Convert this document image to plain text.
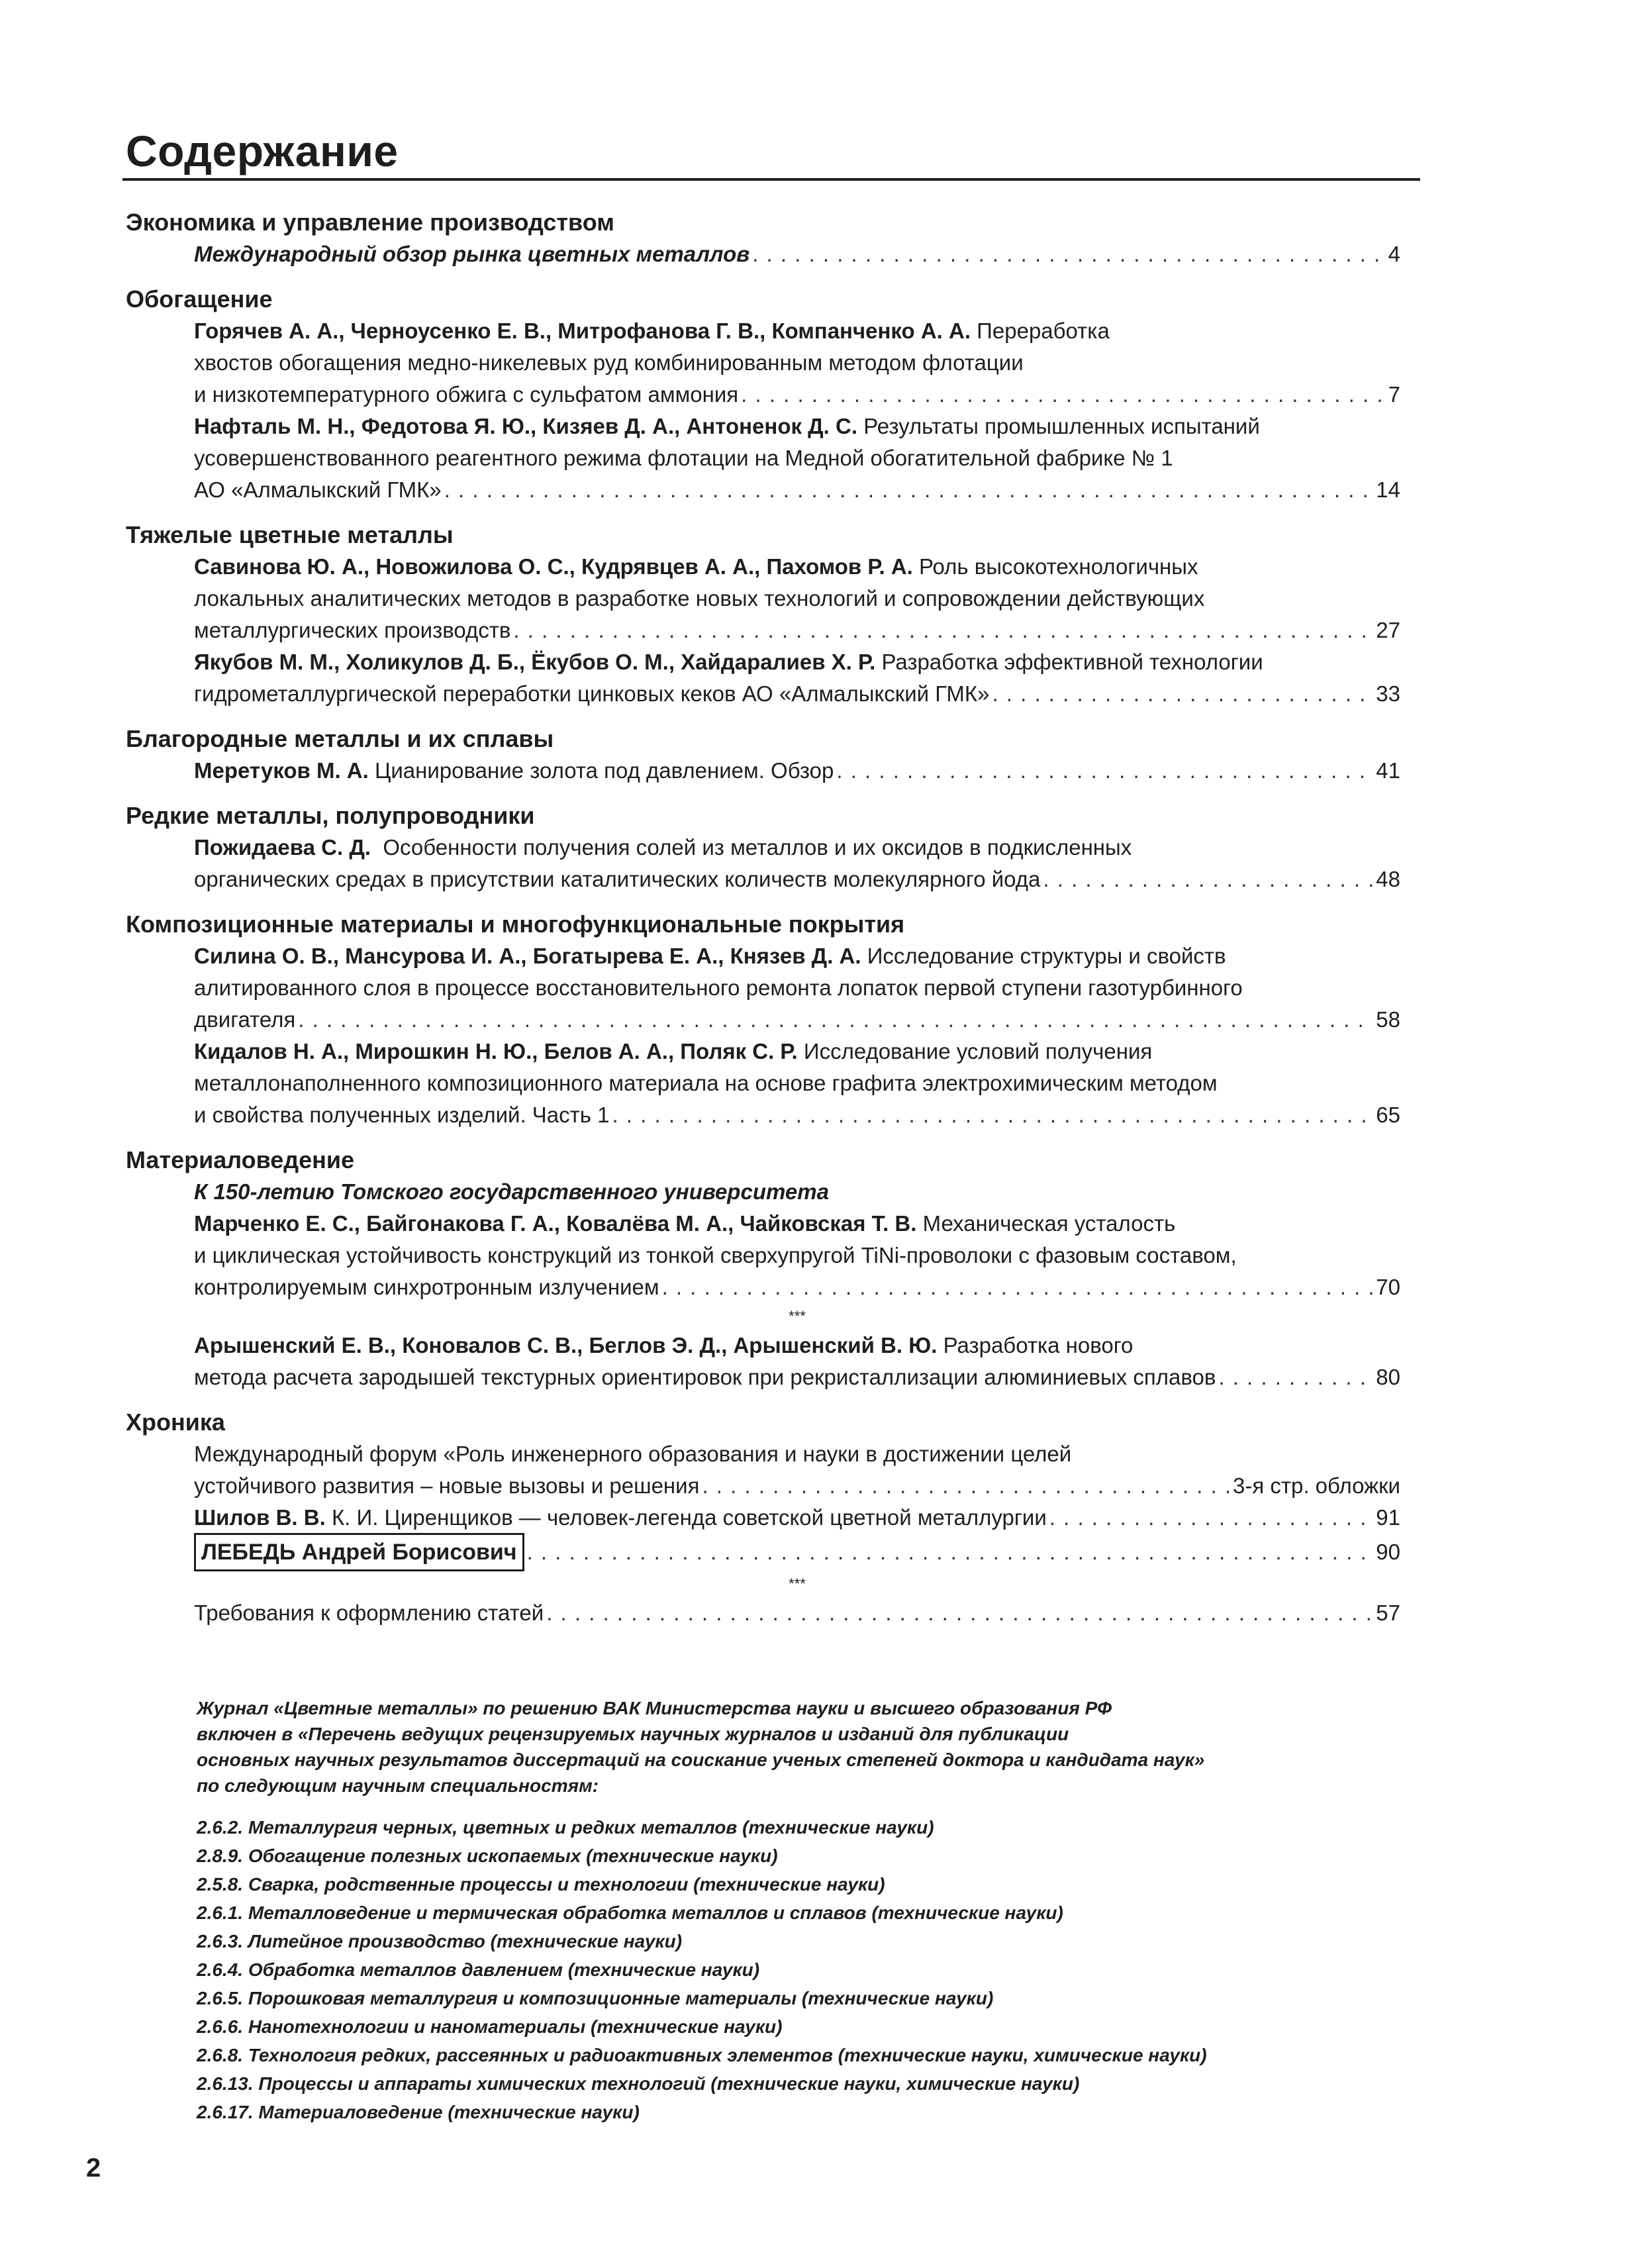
Содержание
Экономика и управление производством
Международный обзор рынка цветных металлов . . .	4
Обогащение
Горячев А. А., Черноусенко Е. В., Митрофанова Г. В., Компанченко А. А. Переработка
хвостов обогащения медно-никелевых руд комбинированным методом флотации
и низкотемпературного обжига с сульфатом аммония . . .	7
Нафталь М. Н., Федотова Я. Ю., Кизяев Д. А., Антоненок Д. С. Результаты промышленных испытаний
усовершенствованного реагентного режима флотации на Медной обогатительной фабрике № 1
АО «Алмалыкский ГМК» . . .	14
Тяжелые цветные металлы
Савинова Ю. А., Новожилова О. С., Кудрявцев А. А., Пахомов Р. А. Роль высокотехнологичных
локальных аналитических методов в разработке новых технологий и сопровождении действующих
металлургических производств . . .	27
Якубов М. М., Холикулов Д. Б., Ёкубов О. М., Хайдаралиев Х. Р. Разработка эффективной технологии
гидрометаллургической переработки цинковых кеков АО «Алмалыкский ГМК» . . .	33
Благородные металлы и их сплавы
Меретуков М. А. Цианирование золота под давлением. Обзор . . .	41
Редкие металлы, полупроводники
Пожидаева С. Д. Особенности получения солей из металлов и их оксидов в подкисленных
органических средах в присутствии каталитических количеств молекулярного йода . . .	48
Композиционные материалы и многофункциональные покрытия
Силина О. В., Мансурова И. А., Богатырева Е. А., Князев Д. А. Исследование структуры и свойств
алитированного слоя в процессе восстановительного ремонта лопаток первой ступени газотурбинного
двигателя . . .	58
Кидалов Н. А., Мирошкин Н. Ю., Белов А. А., Поляк С. Р. Исследование условий получения
металлонаполненного композиционного материала на основе графита электрохимическим методом
и свойства полученных изделий. Часть 1 . . .	65
Материаловедение
К 150-летию Томского государственного университета
Марченко Е. С., Байгонакова Г. А., Ковалёва М. А., Чайковская Т. В. Механическая усталость
и циклическая устойчивость конструкций из тонкой сверхупругой TiNi-проволоки с фазовым составом,
контролируемым синхротронным излучением . . .	70
***
Арышенский Е. В., Коновалов С. В., Беглов Э. Д., Арышенский В. Ю. Разработка нового
метода расчета зародышей текстурных ориентировок при рекристаллизации алюминиевых сплавов . . .	80
Хроника
Международный форум «Роль инженерного образования и науки в достижении целей
устойчивого развития – новые вызовы и решения . . .	3-я стр. обложки
Шилов В. В. К. И. Циренщиков — человек-легенда советской цветной металлургии . . .	91
ЛЕБЕДЬ Андрей Борисович . . .	90
***
Требования к оформлению статей . . .	57

Журнал «Цветные металлы» по решению ВАК Министерства науки и высшего образования РФ

включен в «Перечень ведущих рецензируемых научных журналов и изданий для публикации

основных научных результатов диссертаций на соискание ученых степеней доктора и кандидата наук»

по следующим научным специальностям:

2.6.2. Металлургия черных, цветных и редких металлов (технические науки)
2.8.9. Обогащение полезных ископаемых (технические науки)
2.5.8. Сварка, родственные процессы и технологии (технические науки)
2.6.1. Металловедение и термическая обработка металлов и сплавов (технические науки)
2.6.3. Литейное производство (технические науки)
2.6.4. Обработка металлов давлением (технические науки)
2.6.5. Порошковая металлургия и композиционные материалы (технические науки)
2.6.6. Нанотехнологии и наноматериалы (технические науки)
2.6.8. Технология редких, рассеянных и радиоактивных элементов (технические науки, химические науки)
2.6.13. Процессы и аппараты химических технологий (технические науки, химические науки)
2.6.17. Материаловедение (технические науки)
2
